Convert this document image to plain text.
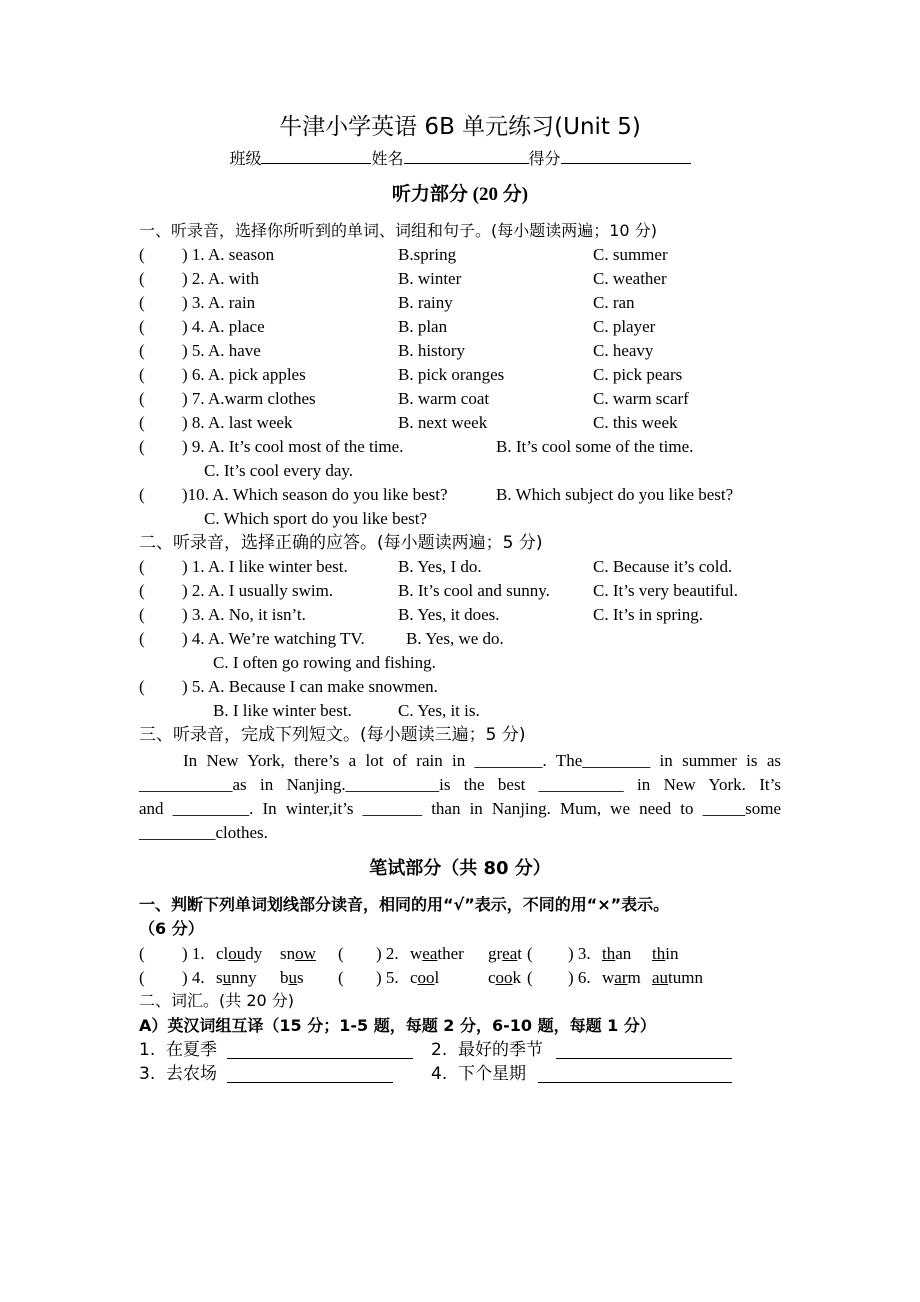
牛津小学英语 6B 单元练习(Unit 5)
班级	姓名	得分
听力部分 (20 分)
一、听录音，选择你所听到的单词、词组和句子。(每小题读两遍；10 分)
( ) 1. A. season	B.spring	C. summer
( ) 2. A. with	B. winter	C. weather
( ) 3. A. rain	B. rainy	C. ran
( ) 4. A. place	B. plan	C. player
( ) 5. A. have	B. history	C. heavy
( ) 6. A. pick apples	B. pick oranges	C. pick pears
( ) 7. A.warm clothes	B. warm coat	C. warm scarf
( ) 8. A. last week	B. next week	C. this week
( ) 9. A. It’s cool most of the time.	B. It’s cool some of the time.
C. It’s cool every day.
( )10. A. Which season do you like best?	B. Which subject do you like best?
C. Which sport do you like best?
二、听录音，选择正确的应答。(每小题读两遍；5 分)
( ) 1. A. I like winter best.	B. Yes, I do.	C. Because it’s cold.
( ) 2. A. I usually swim.	B. It’s cool and sunny.	C. It’s very beautiful.
( ) 3. A. No, it isn’t.	B. Yes, it does.	C. It’s in spring.
( ) 4. A. We’re watching TV. B. Yes, we do.
C. I often go rowing and fishing.
( ) 5. A. Because I can make snowmen.
B. I like winter best.	C. Yes, it is.
三、听录音，完成下列短文。(每小题读三遍；5 分)
In New York, there’s a lot of rain in ________. The________ in summer is as
___________as in Nanjing.___________is the best __________ in New York. It’s
and _________. In winter,it’s _______ than in Nanjing. Mum, we need to _____some
_________clothes.
( ) 1. cloudy snow ( ) 2. weather great ( ) 3. than thin
( ) 4. sunny bus ( ) 5. cool	cook ( ) 6. warm autumn
1.  在夏季	2.  最好的季节
3.  去农场	4.  下个星期
笔试部分（共 80 分）
一、判断下列单词划线部分读音，相同的用“√”表示，不同的用“×”表示。
（6 分）
二、词汇。(共 20 分)
A）英汉词组互译（15 分；1-5 题，每题 2 分，6-10 题，每题 1 分）
